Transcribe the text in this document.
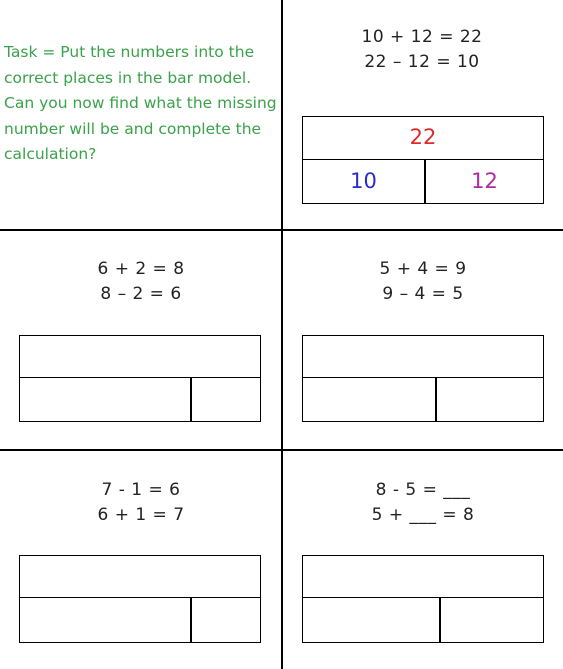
Task = Put the numbers into the correct places in the bar model. Can you now find what the missing number will be and complete the calculation?
10 + 12 = 22
22 – 12 = 10
22
10	12
6 + 2 = 8
8 – 2 = 6
5 + 4 = 9
9 – 4 = 5
7 - 1 = 6
6 + 1 = 7
8 - 5 = ___
5 + ___ = 8
